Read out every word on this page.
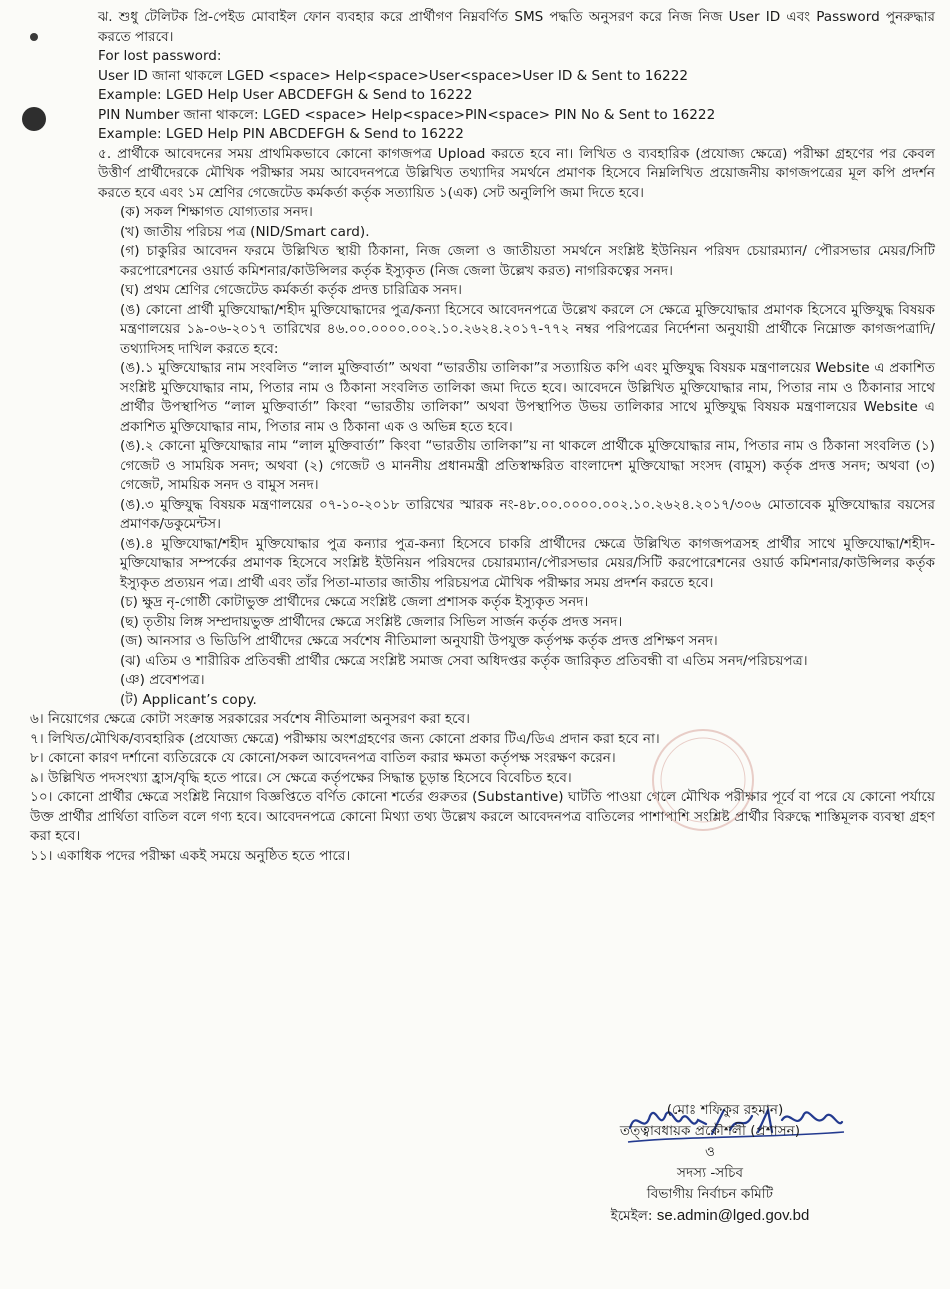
ঝ. শুধু টেলিটক প্রি-পেইড মোবাইল ফোন ব্যবহার করে প্রার্থীগণ নিম্নবর্ণিত SMS পদ্ধতি অনুসরণ করে নিজ নিজ User ID এবং Password পুনরুদ্ধার করতে পারবে।

For lost password:

User ID জানা থাকলে LGED <space> Help<space>User<space>User ID & Sent to 16222

Example: LGED Help User ABCDEFGH & Send to 16222

PIN Number জানা থাকলে: LGED <space> Help<space>PIN<space> PIN No & Sent to 16222

Example: LGED Help PIN ABCDEFGH & Send to 16222

৫. প্রার্থীকে আবেদনের সময় প্রাথমিকভাবে কোনো কাগজপত্র Upload করতে হবে না। লিখিত ও ব্যবহারিক (প্রযোজ্য ক্ষেত্রে) পরীক্ষা গ্রহণের পর কেবল উত্তীর্ণ প্রার্থীদেরকে মৌখিক পরীক্ষার সময় আবেদনপত্রে উল্লিখিত তথ্যাদির সমর্থনে প্রমাণক হিসেবে নিম্নলিখিত প্রয়োজনীয় কাগজপত্রের মূল কপি প্রদর্শন করতে হবে এবং ১ম শ্রেণির গেজেটেড কর্মকর্তা কর্তৃক সত্যায়িত ১(এক) সেট অনুলিপি জমা দিতে হবে।

(ক) সকল শিক্ষাগত যোগ্যতার সনদ।

(খ) জাতীয় পরিচয় পত্র (NID/Smart card).

(গ) চাকুরির আবেদন ফরমে উল্লিখিত স্থায়ী ঠিকানা, নিজ জেলা ও জাতীয়তা সমর্থনে সংশ্লিষ্ট ইউনিয়ন পরিষদ চেয়ারম্যান/ পৌরসভার মেয়র/সিটি করপোরেশনের ওয়ার্ড কমিশনার/কাউন্সিলর কর্তৃক ইস্যুকৃত (নিজ জেলা উল্লেখ করত) নাগরিকত্বের সনদ।

(ঘ) প্রথম শ্রেণির গেজেটেড কর্মকর্তা কর্তৃক প্রদত্ত চারিত্রিক সনদ।

(ঙ) কোনো প্রার্থী মুক্তিযোদ্ধা/শহীদ মুক্তিযোদ্ধাদের পুত্র/কন্যা হিসেবে আবেদনপত্রে উল্লেখ করলে সে ক্ষেত্রে মুক্তিযোদ্ধার প্রমাণক হিসেবে মুক্তিযুদ্ধ বিষয়ক মন্ত্রণালয়ের ১৯-০৬-২০১৭ তারিখের ৪৬.০০.০০০০.০০২.১০.২৬২৪.২০১৭-৭৭২ নম্বর পরিপত্রের নির্দেশনা অনুযায়ী প্রার্থীকে নিম্নোক্ত কাগজপত্রাদি/তথ্যাদিসহ দাখিল করতে হবে:

(ঙ).১ মুক্তিযোদ্ধার নাম সংবলিত “লাল মুক্তিবার্তা” অথবা “ভারতীয় তালিকা”র সত্যায়িত কপি এবং মুক্তিযুদ্ধ বিষয়ক মন্ত্রণালয়ের Website এ প্রকাশিত সংশ্লিষ্ট মুক্তিযোদ্ধার নাম, পিতার নাম ও ঠিকানা সংবলিত তালিকা জমা দিতে হবে। আবেদনে উল্লিখিত মুক্তিযোদ্ধার নাম, পিতার নাম ও ঠিকানার সাথে প্রার্থীর উপস্থাপিত “লাল মুক্তিবার্তা” কিংবা “ভারতীয় তালিকা” অথবা উপস্থাপিত উভয় তালিকার সাথে মুক্তিযুদ্ধ বিষয়ক মন্ত্রণালয়ের Website এ প্রকাশিত মুক্তিযোদ্ধার নাম, পিতার নাম ও ঠিকানা এক ও অভিন্ন হতে হবে।

(ঙ).২ কোনো মুক্তিযোদ্ধার নাম “লাল মুক্তিবার্তা” কিংবা “ভারতীয় তালিকা”য় না থাকলে প্রার্থীকে মুক্তিযোদ্ধার নাম, পিতার নাম ও ঠিকানা সংবলিত (১) গেজেট ও সাময়িক সনদ; অথবা (২) গেজেট ও মাননীয় প্রধানমন্ত্রী প্রতিস্বাক্ষরিত বাংলাদেশ মুক্তিযোদ্ধা সংসদ (বামুস) কর্তৃক প্রদত্ত সনদ; অথবা (৩) গেজেট, সাময়িক সনদ ও বামুস সনদ।

(ঙ).৩ মুক্তিযুদ্ধ বিষয়ক মন্ত্রণালয়ের ০৭-১০-২০১৮ তারিখের স্মারক নং-৪৮.০০.০০০০.০০২.১০.২৬২৪.২০১৭/৩০৬ মোতাবেক মুক্তিযোদ্ধার বয়সের প্রমাণক/ডকুমেন্টস।

(ঙ).৪ মুক্তিযোদ্ধা/শহীদ মুক্তিযোদ্ধার পুত্র কন্যার পুত্র-কন্যা হিসেবে চাকরি প্রার্থীদের ক্ষেত্রে উল্লিখিত কাগজপত্রসহ প্রার্থীর সাথে মুক্তিযোদ্ধা/শহীদ-মুক্তিযোদ্ধার সম্পর্কের প্রমাণক হিসেবে সংশ্লিষ্ট ইউনিয়ন পরিষদের চেয়ারম্যান/পৌরসভার মেয়র/সিটি করপোরেশনের ওয়ার্ড কমিশনার/কাউন্সিলর কর্তৃক ইস্যুকৃত প্রত্যয়ন পত্র। প্রার্থী এবং তাঁর পিতা-মাতার জাতীয় পরিচয়পত্র মৌখিক পরীক্ষার সময় প্রদর্শন করতে হবে।

(চ) ক্ষুদ্র নৃ-গোষ্ঠী কোটাভুক্ত প্রার্থীদের ক্ষেত্রে সংশ্লিষ্ট জেলা প্রশাসক কর্তৃক ইস্যুকৃত সনদ।

(ছ) তৃতীয় লিঙ্গ সম্প্রদায়ভুক্ত প্রার্থীদের ক্ষেত্রে সংশ্লিষ্ট জেলার সিভিল সার্জন কর্তৃক প্রদত্ত সনদ।

(জ) আনসার ও ভিডিপি প্রার্থীদের ক্ষেত্রে সর্বশেষ নীতিমালা অনুযায়ী উপযুক্ত কর্তৃপক্ষ কর্তৃক প্রদত্ত প্রশিক্ষণ সনদ।

(ঝ) এতিম ও শারীরিক প্রতিবন্ধী প্রার্থীর ক্ষেত্রে সংশ্লিষ্ট সমাজ সেবা অধিদপ্তর কর্তৃক জারিকৃত প্রতিবন্ধী বা এতিম সনদ/পরিচয়পত্র।

(ঞ) প্রবেশপত্র।

(ট) Applicant’s copy.

৬। নিয়োগের ক্ষেত্রে কোটা সংক্রান্ত সরকারের সর্বশেষ নীতিমালা অনুসরণ করা হবে।

৭। লিখিত/মৌখিক/ব্যবহারিক (প্রযোজ্য ক্ষেত্রে) পরীক্ষায় অংশগ্রহণের জন্য কোনো প্রকার টিএ/ডিএ প্রদান করা হবে না।

৮। কোনো কারণ দর্শানো ব্যতিরেকে যে কোনো/সকল আবেদনপত্র বাতিল করার ক্ষমতা কর্তৃপক্ষ সংরক্ষণ করেন।

৯। উল্লিখিত পদসংখ্যা হ্রাস/বৃদ্ধি হতে পারে। সে ক্ষেত্রে কর্তৃপক্ষের সিদ্ধান্ত চূড়ান্ত হিসেবে বিবেচিত হবে।

১০। কোনো প্রার্থীর ক্ষেত্রে সংশ্লিষ্ট নিয়োগ বিজ্ঞপ্তিতে বর্ণিত কোনো শর্তের গুরুতর (Substantive) ঘাটতি পাওয়া গেলে মৌখিক পরীক্ষার পূর্বে বা পরে যে কোনো পর্যায়ে উক্ত প্রার্থীর প্রার্থিতা বাতিল বলে গণ্য হবে। আবেদনপত্রে কোনো মিথ্যা তথ্য উল্লেখ করলে আবেদনপত্র বাতিলের পাশাপাশি সংশ্লিষ্ট প্রার্থীর বিরুদ্ধে শাস্তিমূলক ব্যবস্থা গ্রহণ করা হবে।

১১। একাধিক পদের পরীক্ষা একই সময়ে অনুষ্ঠিত হতে পারে।

(মোঃ শফিকুর রহমান)
তত্ত্বাবধায়ক প্রকৌশলী (প্রশাসন)
ও
সদস্য -সচিব
বিভাগীয় নির্বাচন কমিটি
ইমেইল: se.admin@lged.gov.bd
